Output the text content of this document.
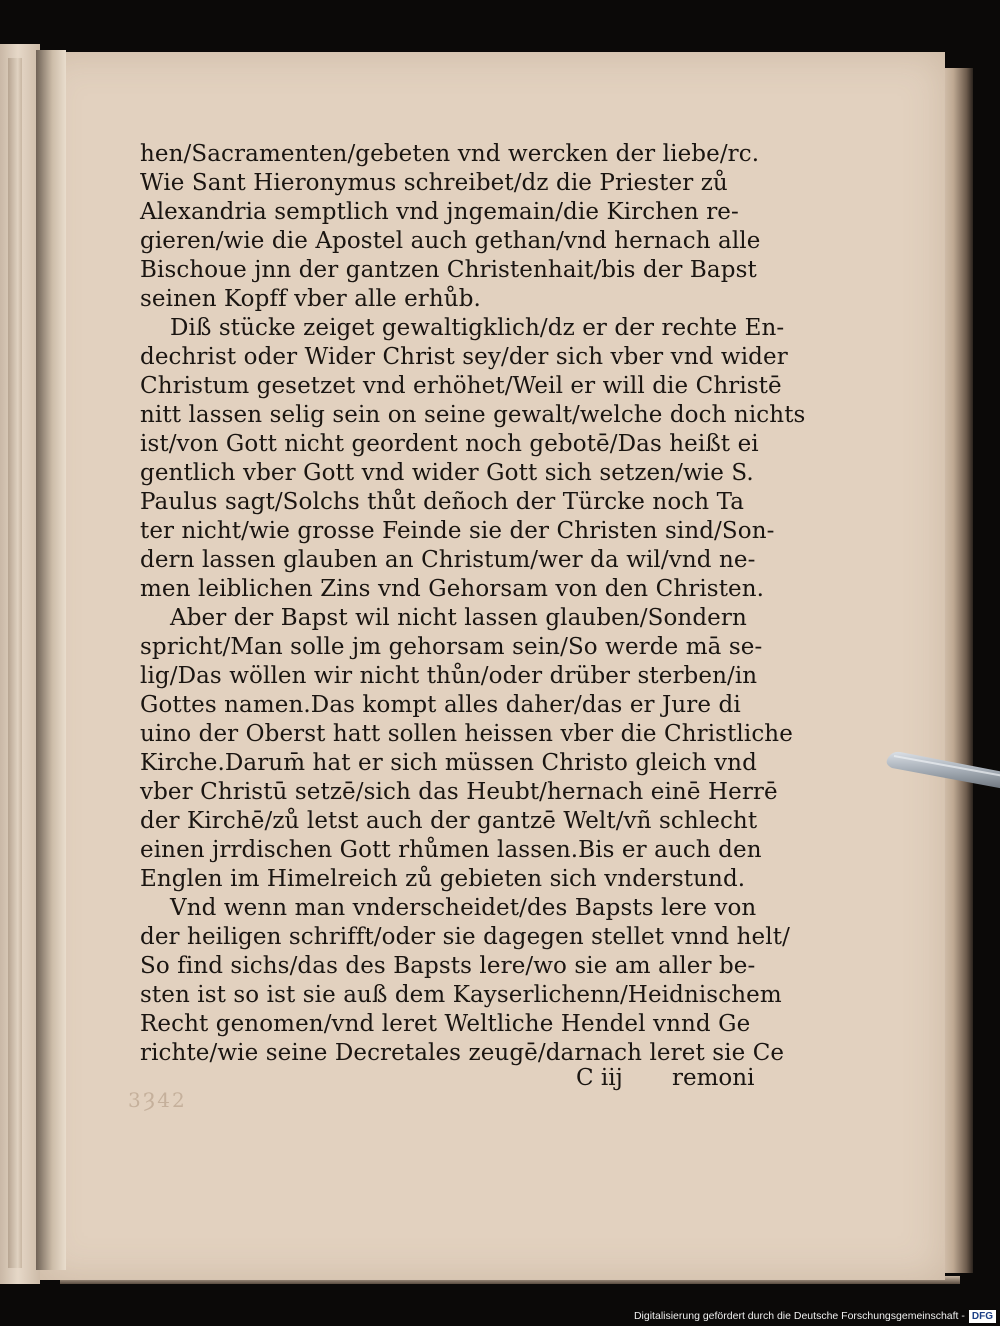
hen/Sacramenten/gebeten vnd wercken der liebe/rc.
Wie Sant Hieronymus schreibet/dz die Priester zů
Alexandria semptlich vnd jngemain/die Kirchen re-
gieren/wie die Apostel auch gethan/vnd hernach alle
Bischoue jnn der gantzen Christenhait/bis der Bapst
seinen Kopff vber alle erhůb.
Diß stücke zeiget gewaltigklich/dz er der rechte En-
dechrist oder Wider Christ sey/der sich vber vnd wider
Christum gesetzet vnd erhöhet/Weil er will die Christē
nitt lassen selig sein on seine gewalt/welche doch nichts
ist/von Gott nicht geordent noch gebotē/Das heißt ei
gentlich vber Gott vnd wider Gott sich setzen/wie S.
Paulus sagt/Solchs thůt deñoch der Türcke noch Ta
ter nicht/wie grosse Feinde sie der Christen sind/Son-
dern lassen glauben an Christum/wer da wil/vnd ne-
men leiblichen Zins vnd Gehorsam von den Christen.
Aber der Bapst wil nicht lassen glauben/Sondern
spricht/Man solle jm gehorsam sein/So werde mā se-
lig/Das wöllen wir nicht thůn/oder drüber sterben/in
Gottes namen.Das kompt alles daher/das er Jure di
uino der Oberst hatt sollen heissen vber die Christliche
Kirche.Darum̄ hat er sich müssen Christo gleich vnd
vber Christū setzē/sich das Heubt/hernach einē Herrē
der Kirchē/zů letst auch der gantzē Welt/vñ schlecht
einen jrrdischen Gott rhůmen lassen.Bis er auch den
Englen im Himelreich zů gebieten sich vnderstund.
Vnd wenn man vnderscheidet/des Bapsts lere von
der heiligen schrifft/oder sie dagegen stellet vnnd helt/
So find sichs/das des Bapsts lere/wo sie am aller be-
sten ist so ist sie auß dem Kayserlichenn/Heidnischem
Recht genomen/vnd leret Weltliche Hendel vnnd Ge
richte/wie seine Decretales zeugē/darnach leret sie Ce
C iij remoni
3Ȝ42
Digitalisierung gefördert durch die Deutsche Forschungsgemeinschaft - DFG
